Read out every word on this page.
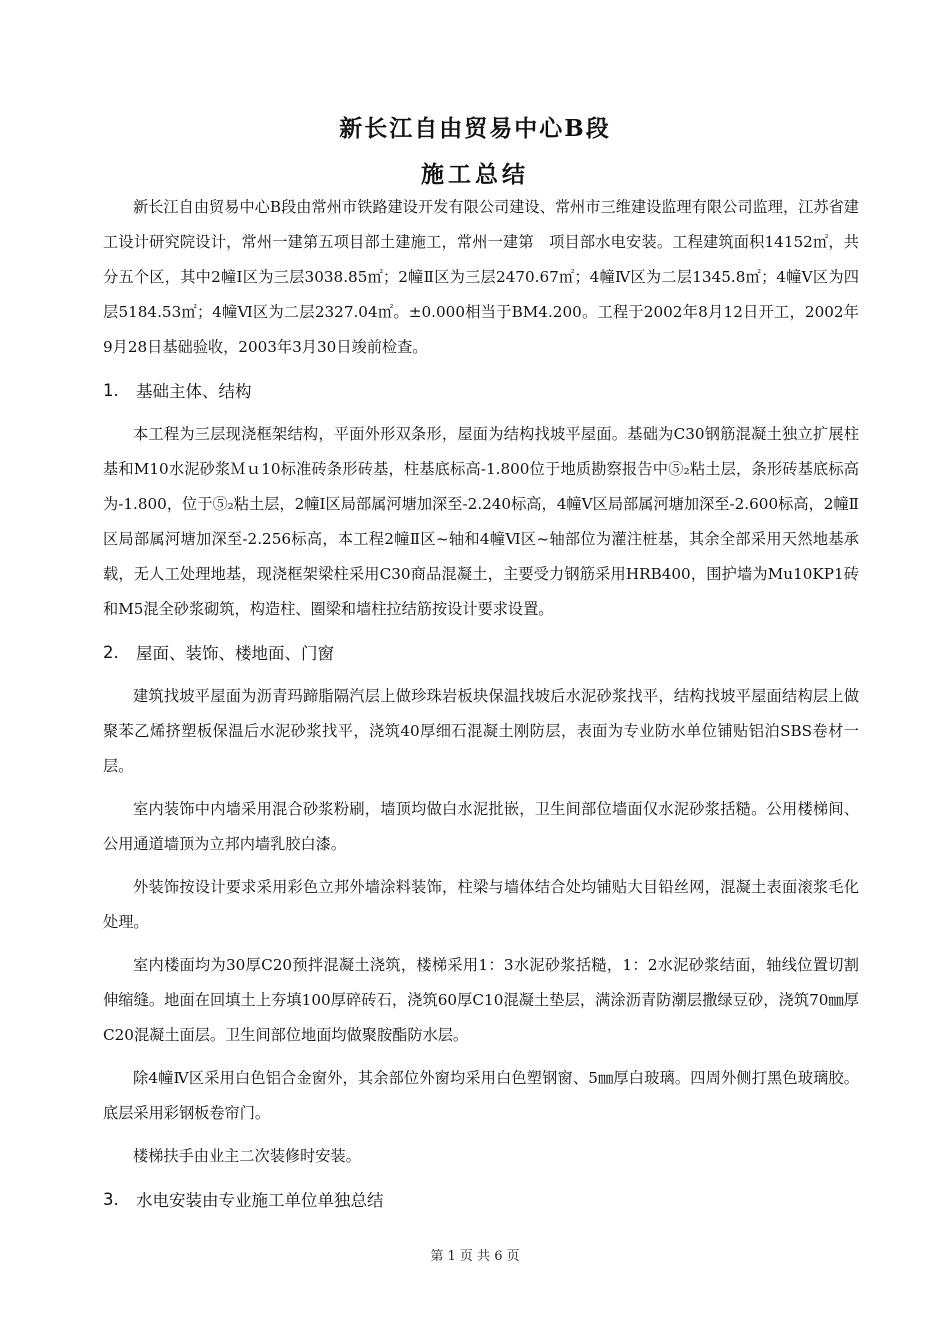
新长江自由贸易中心B段
施工总结

新长江自由贸易中心B段由常州市铁路建设开发有限公司建设、常州市三维建设监理有限公司监理，江苏省建工设计研究院设计，常州一建第五项目部土建施工，常州一建第　项目部水电安装。工程建筑面积14152㎡，共分五个区，其中2幢Ⅰ区为三层3038.85㎡；2幢Ⅱ区为三层2470.67㎡；4幢Ⅳ区为二层1345.8㎡；4幢Ⅴ区为四层5184.53㎡；4幢Ⅵ区为二层2327.04㎡。±0.000相当于BM4.200。工程于2002年8月12日开工，2002年9月28日基础验收，2003年3月30日竣前检查。

1.	基础主体、结构

本工程为三层现浇框架结构，平面外形双条形，屋面为结构找坡平屋面。基础为C30钢筋混凝土独立扩展柱基和M10水泥砂浆Ｍｕ10标准砖条形砖基，柱基底标高-1.800位于地质勘察报告中⑤₂粘土层，条形砖基底标高为-1.800，位于⑤₂粘土层，2幢Ⅰ区局部属河塘加深至-2.240标高，4幢Ⅴ区局部属河塘加深至-2.600标高，2幢Ⅱ区局部属河塘加深至-2.256标高，本工程2幢Ⅱ区~轴和4幢Ⅵ区~轴部位为灌注桩基，其余全部采用天然地基承载，无人工处理地基，现浇框架梁柱采用C30商品混凝土，主要受力钢筋采用HRB400，围护墙为Mu10KP1砖和M5混全砂浆砌筑，构造柱、圈梁和墙柱拉结筋按设计要求设置。

2.	屋面、装饰、楼地面、门窗

建筑找坡平屋面为沥青玛蹄脂隔汽层上做珍珠岩板块保温找坡后水泥砂浆找平，结构找坡平屋面结构层上做聚苯乙烯挤塑板保温后水泥砂浆找平，浇筑40厚细石混凝土刚防层，表面为专业防水单位铺贴铝泊SBS卷材一层。

室内装饰中内墙采用混合砂浆粉刷，墙顶均做白水泥批嵌，卫生间部位墙面仅水泥砂浆括糙。公用楼梯间、公用通道墙顶为立邦内墙乳胶白漆。

外装饰按设计要求采用彩色立邦外墙涂料装饰，柱梁与墙体结合处均铺贴大目铅丝网，混凝土表面滚浆毛化处理。

室内楼面均为30厚C20预拌混凝土浇筑，楼梯采用1：3水泥砂浆括糙，1：2水泥砂浆结面，轴线位置切割伸缩缝。地面在回填土上夯填100厚碎砖石，浇筑60厚C10混凝土垫层，满涂沥青防潮层撒绿豆砂，浇筑70㎜厚C20混凝土面层。卫生间部位地面均做聚胺酯防水层。

除4幢Ⅳ区采用白色铝合金窗外，其余部位外窗均采用白色塑钢窗、5㎜厚白玻璃。四周外侧打黑色玻璃胶。底层采用彩钢板卷帘门。

楼梯扶手由业主二次装修时安装。

3.	水电安装由专业施工单位单独总结
第 1 页 共 6 页
